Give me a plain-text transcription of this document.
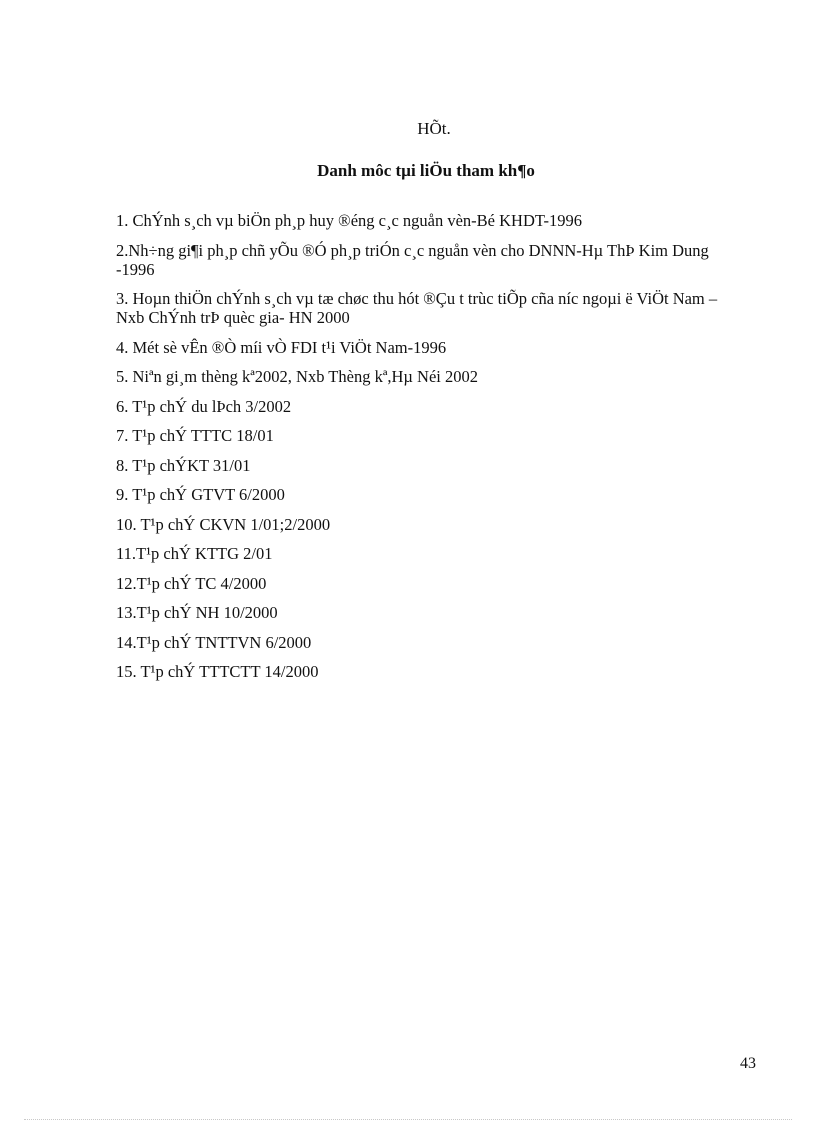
HÕt.
Danh môc tµi liÖu tham kh¶o
1. ChÝnh s¸ch vµ biÖn ph¸p huy ®éng c¸c nguån vèn-Bé KHDT-1996
2.Nh÷ng gi¶i ph¸p chñ yÕu ®Ó ph¸p triÓn c¸c nguån vèn cho DNNN-Hµ ThÞ Kim Dung -1996
3. Hoµn thiÖn chÝnh s¸ch vµ tæ chøc thu hót ®Çu t trùc tiÕp cña níc ngoµi ë ViÖt Nam – Nxb ChÝnh trÞ quèc gia- HN 2000
4. Mét sè vÊn ®Ò míi vÒ FDI t¹i ViÖt Nam-1996
5. Niªn gi¸m thèng kª2002, Nxb Thèng kª,Hµ Néi 2002
6. T¹p chÝ du lÞch 3/2002
7. T¹p chÝ TTTC 18/01
8. T¹p chÝKT 31/01
9. T¹p chÝ GTVT 6/2000
10. T¹p chÝ CKVN 1/01;2/2000
11.T¹p chÝ KTTG 2/01
12.T¹p chÝ TC 4/2000
13.T¹p chÝ NH 10/2000
14.T¹p chÝ TNTTVN 6/2000
15. T¹p chÝ TTTCTT 14/2000
43
